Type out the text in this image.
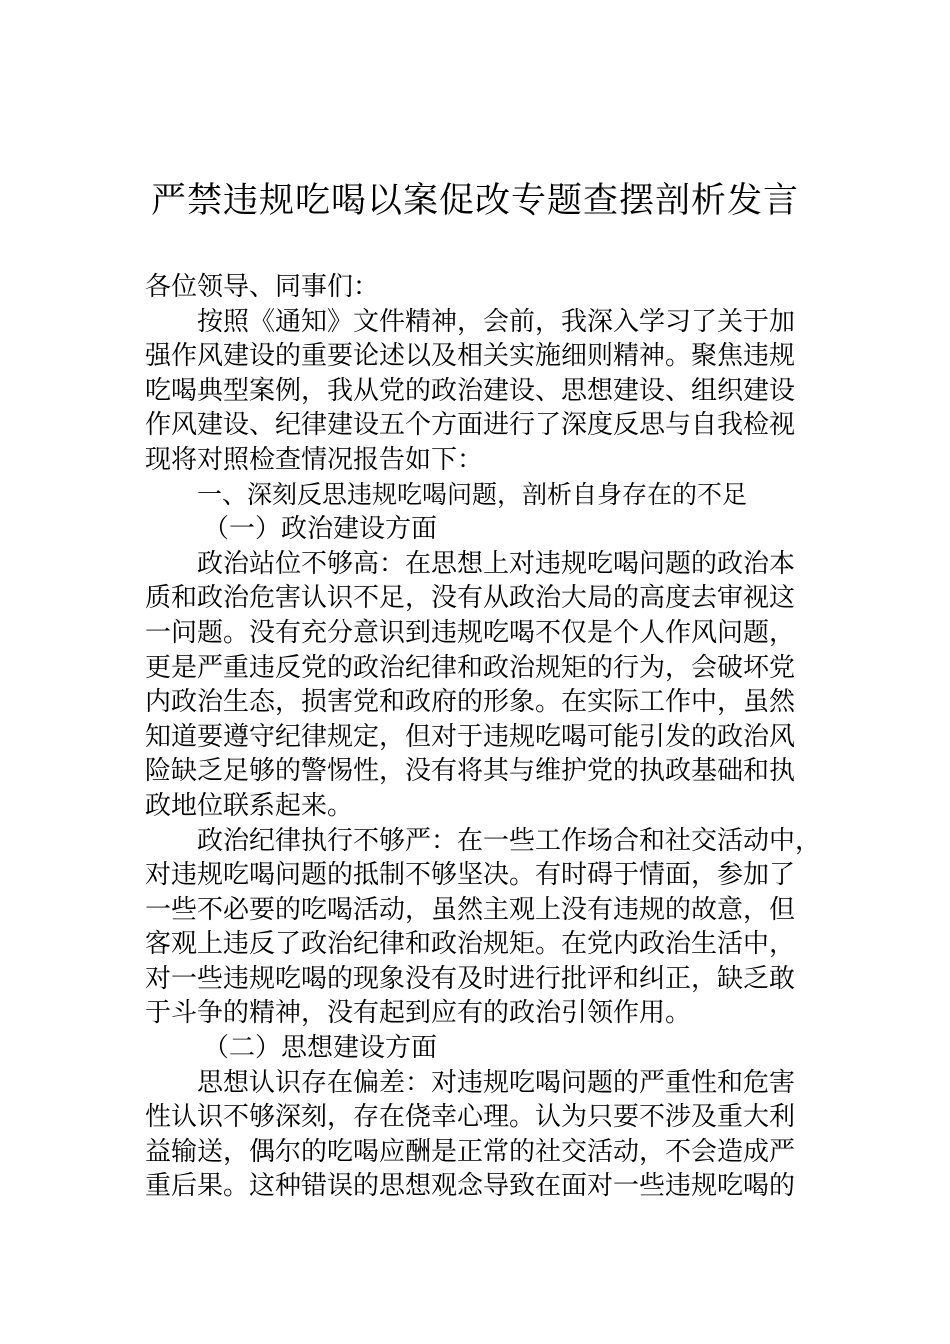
严禁违规吃喝以案促改专题查摆剖析发言
各位领导、同事们：
按照《通知》文件精神，会前，我深入学习了关于加
强作风建设的重要论述以及相关实施细则精神。聚焦违规
吃喝典型案例，我从党的政治建设、思想建设、组织建设
作风建设、纪律建设五个方面进行了深度反思与自我检视
现将对照检查情况报告如下：
一、深刻反思违规吃喝问题，剖析自身存在的不足
（一）政治建设方面
政治站位不够高：在思想上对违规吃喝问题的政治本
质和政治危害认识不足，没有从政治大局的高度去审视这
一问题。没有充分意识到违规吃喝不仅是个人作风问题，
更是严重违反党的政治纪律和政治规矩的行为，会破坏党
内政治生态，损害党和政府的形象。在实际工作中，虽然
知道要遵守纪律规定，但对于违规吃喝可能引发的政治风
险缺乏足够的警惕性，没有将其与维护党的执政基础和执
政地位联系起来。
政治纪律执行不够严：在一些工作场合和社交活动中，
对违规吃喝问题的抵制不够坚决。有时碍于情面，参加了
一些不必要的吃喝活动，虽然主观上没有违规的故意，但
客观上违反了政治纪律和政治规矩。在党内政治生活中，
对一些违规吃喝的现象没有及时进行批评和纠正，缺乏敢
于斗争的精神，没有起到应有的政治引领作用。
（二）思想建设方面
思想认识存在偏差：对违规吃喝问题的严重性和危害
性认识不够深刻，存在侥幸心理。认为只要不涉及重大利
益输送，偶尔的吃喝应酬是正常的社交活动，不会造成严
重后果。这种错误的思想观念导致在面对一些违规吃喝的
